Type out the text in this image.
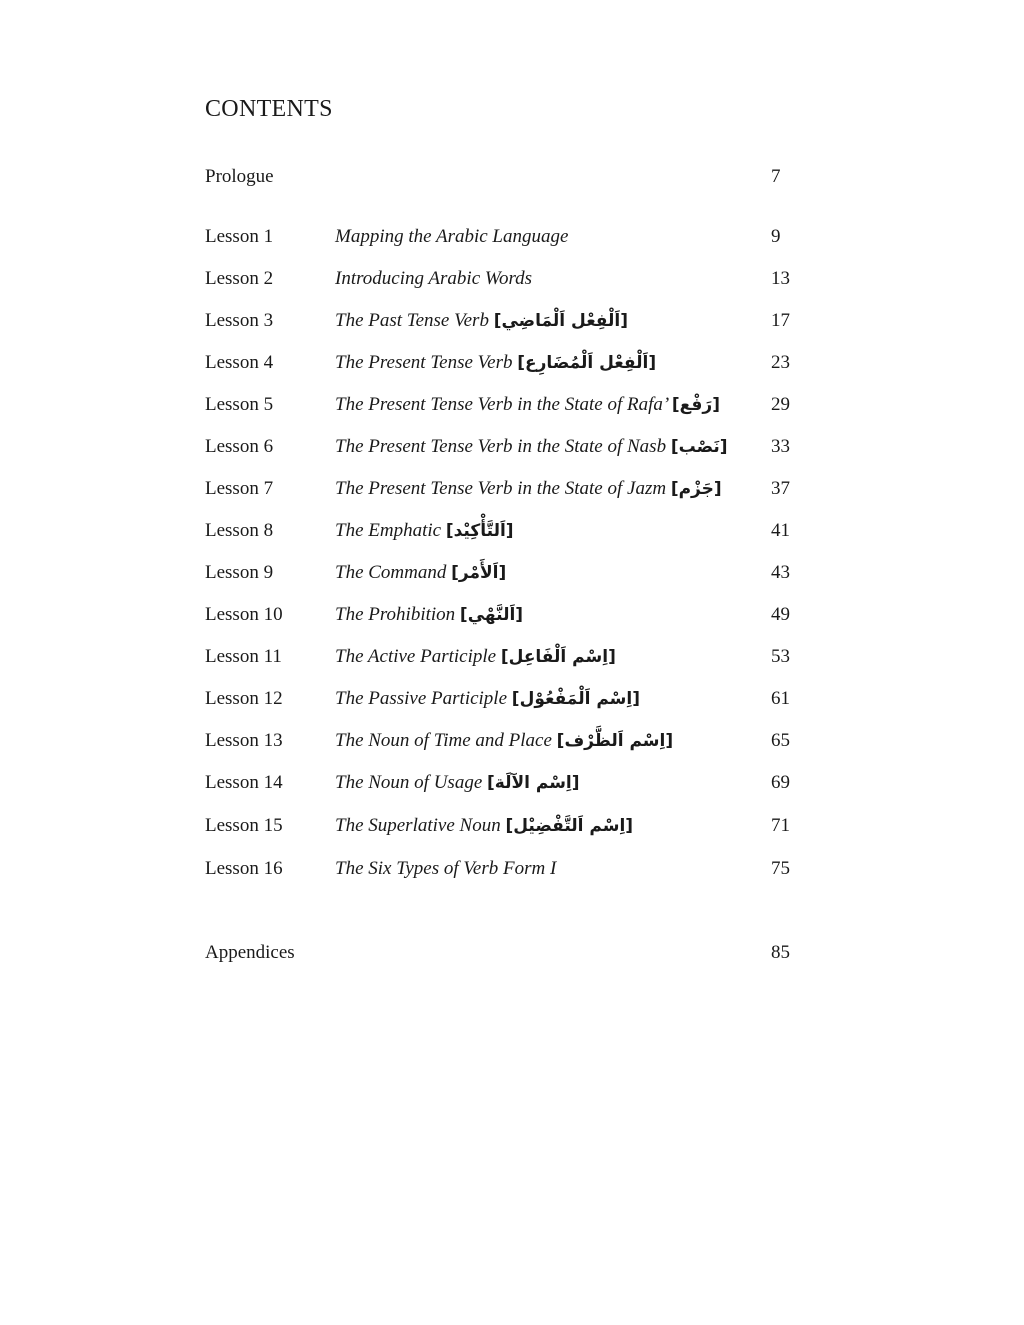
CONTENTS
Prologue	7
Lesson 1	Mapping the Arabic Language	9
Lesson 2	Introducing Arabic Words	13
Lesson 3	The Past Tense Verb [اَلْفِعْل اَلْمَاضِي]	17
Lesson 4	The Present Tense Verb [اَلْفِعْل اَلْمُضَارِع]	23
Lesson 5	The Present Tense Verb in the State of Rafa’ [رَفْع]	29
Lesson 6	The Present Tense Verb in the State of Nasb [نَصْب] 33
Lesson 7	The Present Tense Verb in the State of Jazm [جَزْم]	37
Lesson 8	The Emphatic [اَلتَّأْكِيْد]	41
Lesson 9	The Command [اَلأَمْر]	43
Lesson 10	The Prohibition [اَلنَّهْي]	49
Lesson 11	The Active Participle [اِسْم اَلْفَاعِل]	53
Lesson 12	The Passive Participle [اِسْم اَلْمَفْعُوْل]	61
Lesson 13	The Noun of Time and Place [اِسْم اَلظَّرْف]	65
Lesson 14	The Noun of Usage [اِسْم الآلَة]	69
Lesson 15	The Superlative Noun [اِسْم اَلتَّفْضِيْل]	71
Lesson 16	The Six Types of Verb Form I	75
Appendices	85
